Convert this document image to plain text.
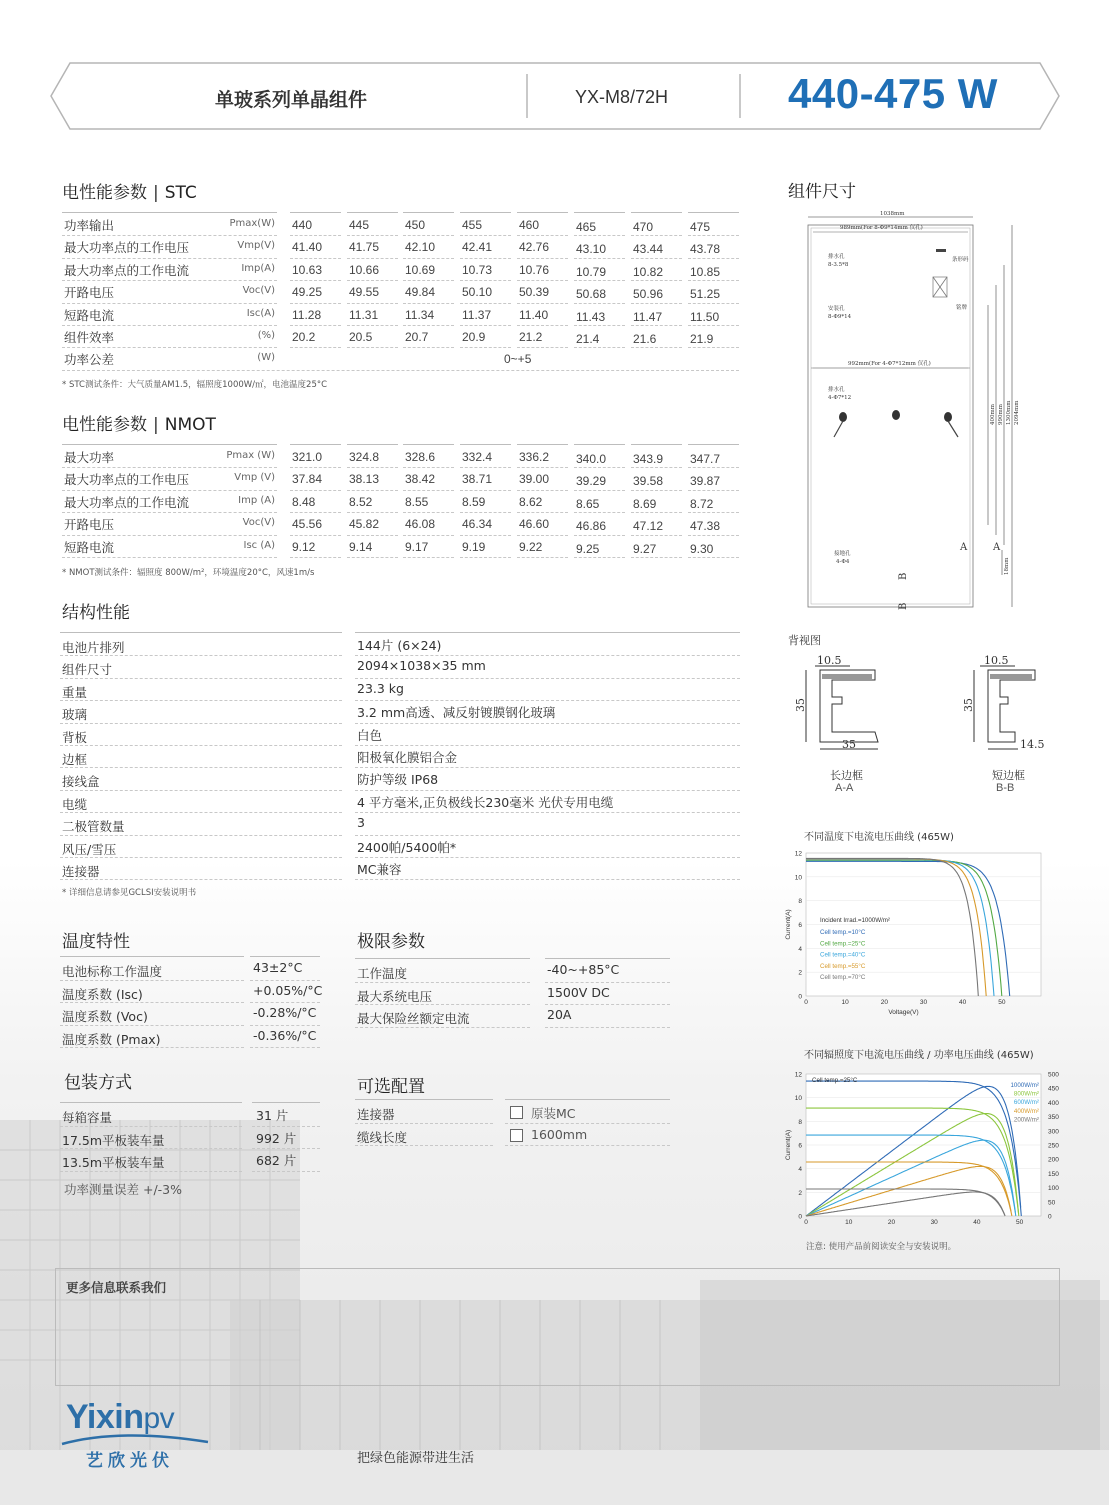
单玻系列单晶组件	YX-M8/72H	440-475 W
电性能参数 | STC
功率输出	Pmax(W) 440	445	450	455	460	465	470	475
最大功率点的工作电压	Vmp(V) 41.40 41.75 42.10 42.41 42.76 43.10 43.44 43.78
最大功率点的工作电流	Imp(A) 10.63 10.66 10.69 10.73 10.76 10.79 10.82 10.85
开路电压	Voc(V) 49.25 49.55 49.84 50.10 50.39 50.68 50.96 51.25
短路电流	Isc(A) 11.28 11.31 11.34 11.37 11.40 11.43 11.47 11.50
组件效率	(%) 20.2	20.5	20.7	20.9	21.2	21.4	21.6	21.9
功率公差	(W)	0~+5
* STC测试条件：大气质量AM1.5，辐照度1000W/㎡，电池温度25°C
电性能参数 | NMOT
最大功率	Pmax (W) 321.0 324.8 328.6 332.4 336.2 340.0 343.9 347.7
最大功率点的工作电压	Vmp (V) 37.84 38.13 38.42 38.71 39.00 39.29 39.58 39.87
最大功率点的工作电流	Imp (A) 8.48	8.52	8.55	8.59	8.62	8.65	8.69	8.72
开路电压	Voc(V) 45.56 45.82 46.08 46.34 46.60 46.86 47.12 47.38
短路电流	Isc (A) 9.12	9.14	9.17	9.19	9.22	9.25	9.27	9.30
* NMOT测试条件：辐照度 800W/m²，环境温度20°C，风速1m/s
结构性能
电池片排列	144片 (6×24)
组件尺寸	2094×1038×35 mm
重量	23.3 kg
玻璃	3.2 mm高透、减反射镀膜钢化玻璃
背板	白色
边框	阳极氧化膜铝合金
接线盒	防护等级 IP68
电缆	4 平方毫米,正负极线长230毫米 光伏专用电缆
二极管数量	3
风压/雪压	2400帕/5400帕*
连接器	MC兼容
* 详细信息请参见GCLSI安装说明书
温度特性
电池标称工作温度	43±2°C
温度系数 (Isc)	+0.05%/°C
温度系数 (Voc)	-0.28%/°C
温度系数 (Pmax)	-0.36%/°C
极限参数
工作温度	-40~+85°C
最大系统电压	1500V DC
最大保险丝额定电流	20A
包装方式
每箱容量	31 片
17.5m平板装车量	992 片
13.5m平板装车量	682 片
功率测量误差 +/-3%
可选配置
连接器	原装MC
缆线长度	1600mm
组件尺寸
1038mm
989mm(For 8-Φ9*14mm 仅孔)
排水孔
8-3.5*8
条形码
安装孔
8-Φ9*14
铭牌
992mm(For 4-Φ7*12mm 仅孔)
排水孔
4-Φ7*12
接地孔
4-Φ4
400mm 990mm 1300mm 2094mm
18mm
A	A
B
B
背视图
10.5
35
35
10.5
35
14.5
长边框
A-A
短边框
B-B
不同温度下电流电压曲线 (465W)
0
2
4
6
8
10
12
0	10	20	30	40	50
Current(A)
Voltage(V)
Incident Irrad.=1000W/m²
Cell temp.=10°C
Cell temp.=25°C
Cell temp.=40°C
Cell temp.=55°C
Cell temp.=70°C
不同辐照度下电流电压曲线 / 功率电压曲线 (465W)
0
2
4
6
8
10
12
0	10	20	30	40	50
Current(A)
0
50
100
150
200
250
300
350
400
450
500
Cell temp.=25°C
1000W/m²
800W/m²
600W/m²
400W/m²
200W/m²
注意: 使用产品前阅读安全与安装说明。
更多信息联系我们
Yixinpv
艺欣光伏	把绿色能源带进生活
